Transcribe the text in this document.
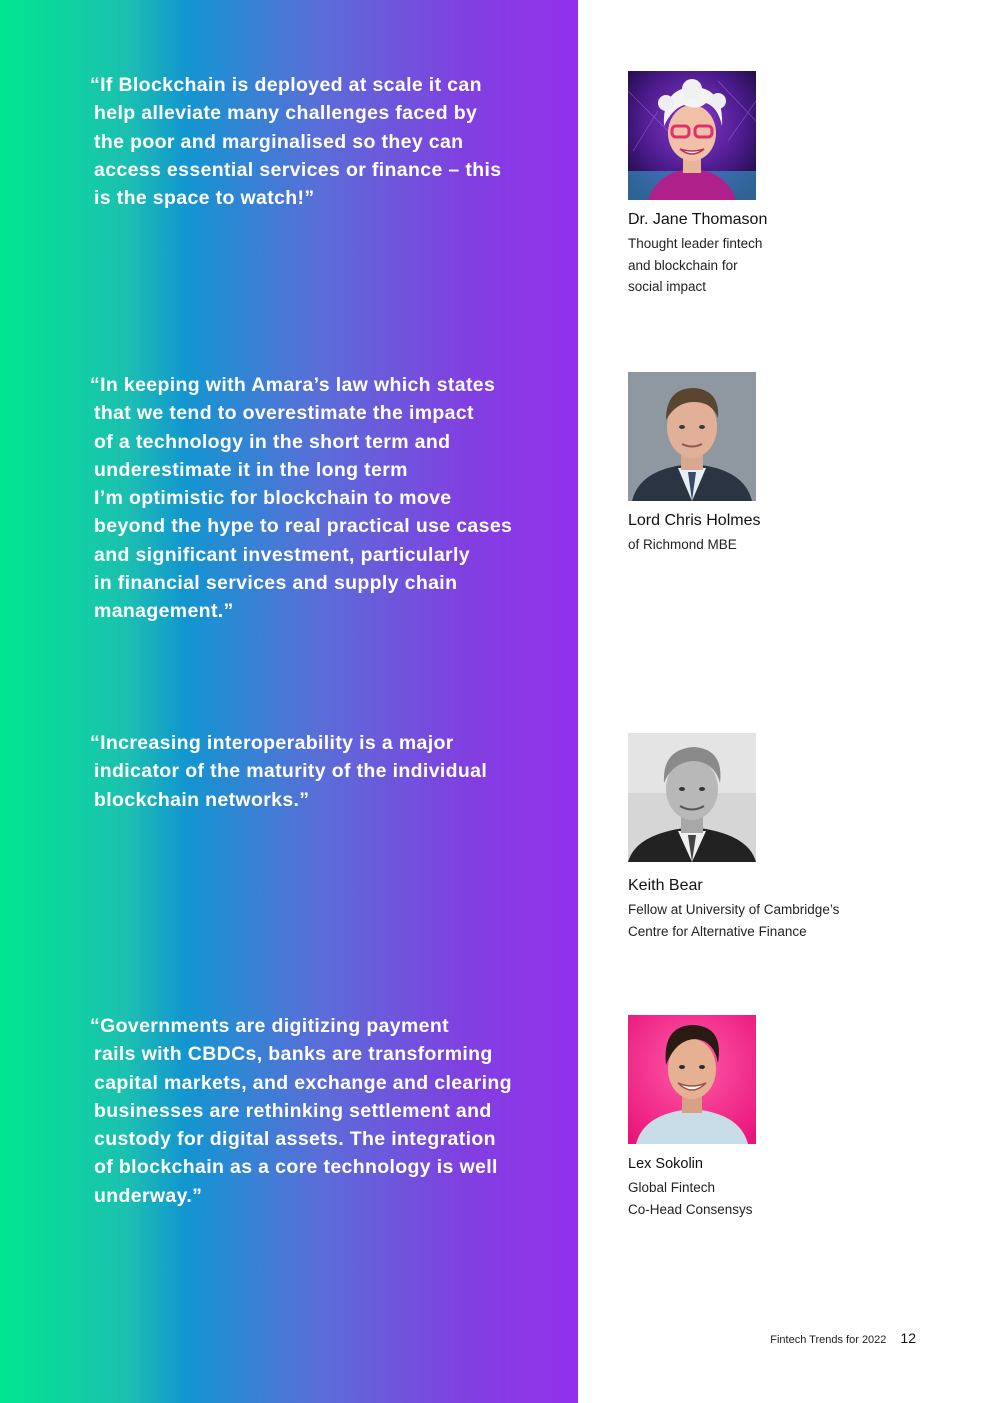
“If Blockchain is deployed at scale it can
help alleviate many challenges faced by
the poor and marginalised so they can
access essential services or finance – this
is the space to watch!”
“In keeping with Amara’s law which states
that we tend to overestimate the impact
of a technology in the short term and
underestimate it in the long term
I’m optimistic for blockchain to move
beyond the hype to real practical use cases
and significant investment, particularly
in financial services and supply chain
management.”
“Increasing interoperability is a major
indicator of the maturity of the individual
blockchain networks.”
“Governments are digitizing payment
rails with CBDCs, banks are transforming
capital markets, and exchange and clearing
businesses are rethinking settlement and
custody for digital assets. The integration
of blockchain as a core technology is well
underway.”
Dr. Jane Thomason
Thought leader fintech
and blockchain for
social impact
Lord Chris Holmes
of Richmond MBE
Keith Bear
Fellow at University of Cambridge’s
Centre for Alternative Finance
Lex Sokolin
Global Fintech
Co-Head Consensys
Fintech Trends for 2022 12
